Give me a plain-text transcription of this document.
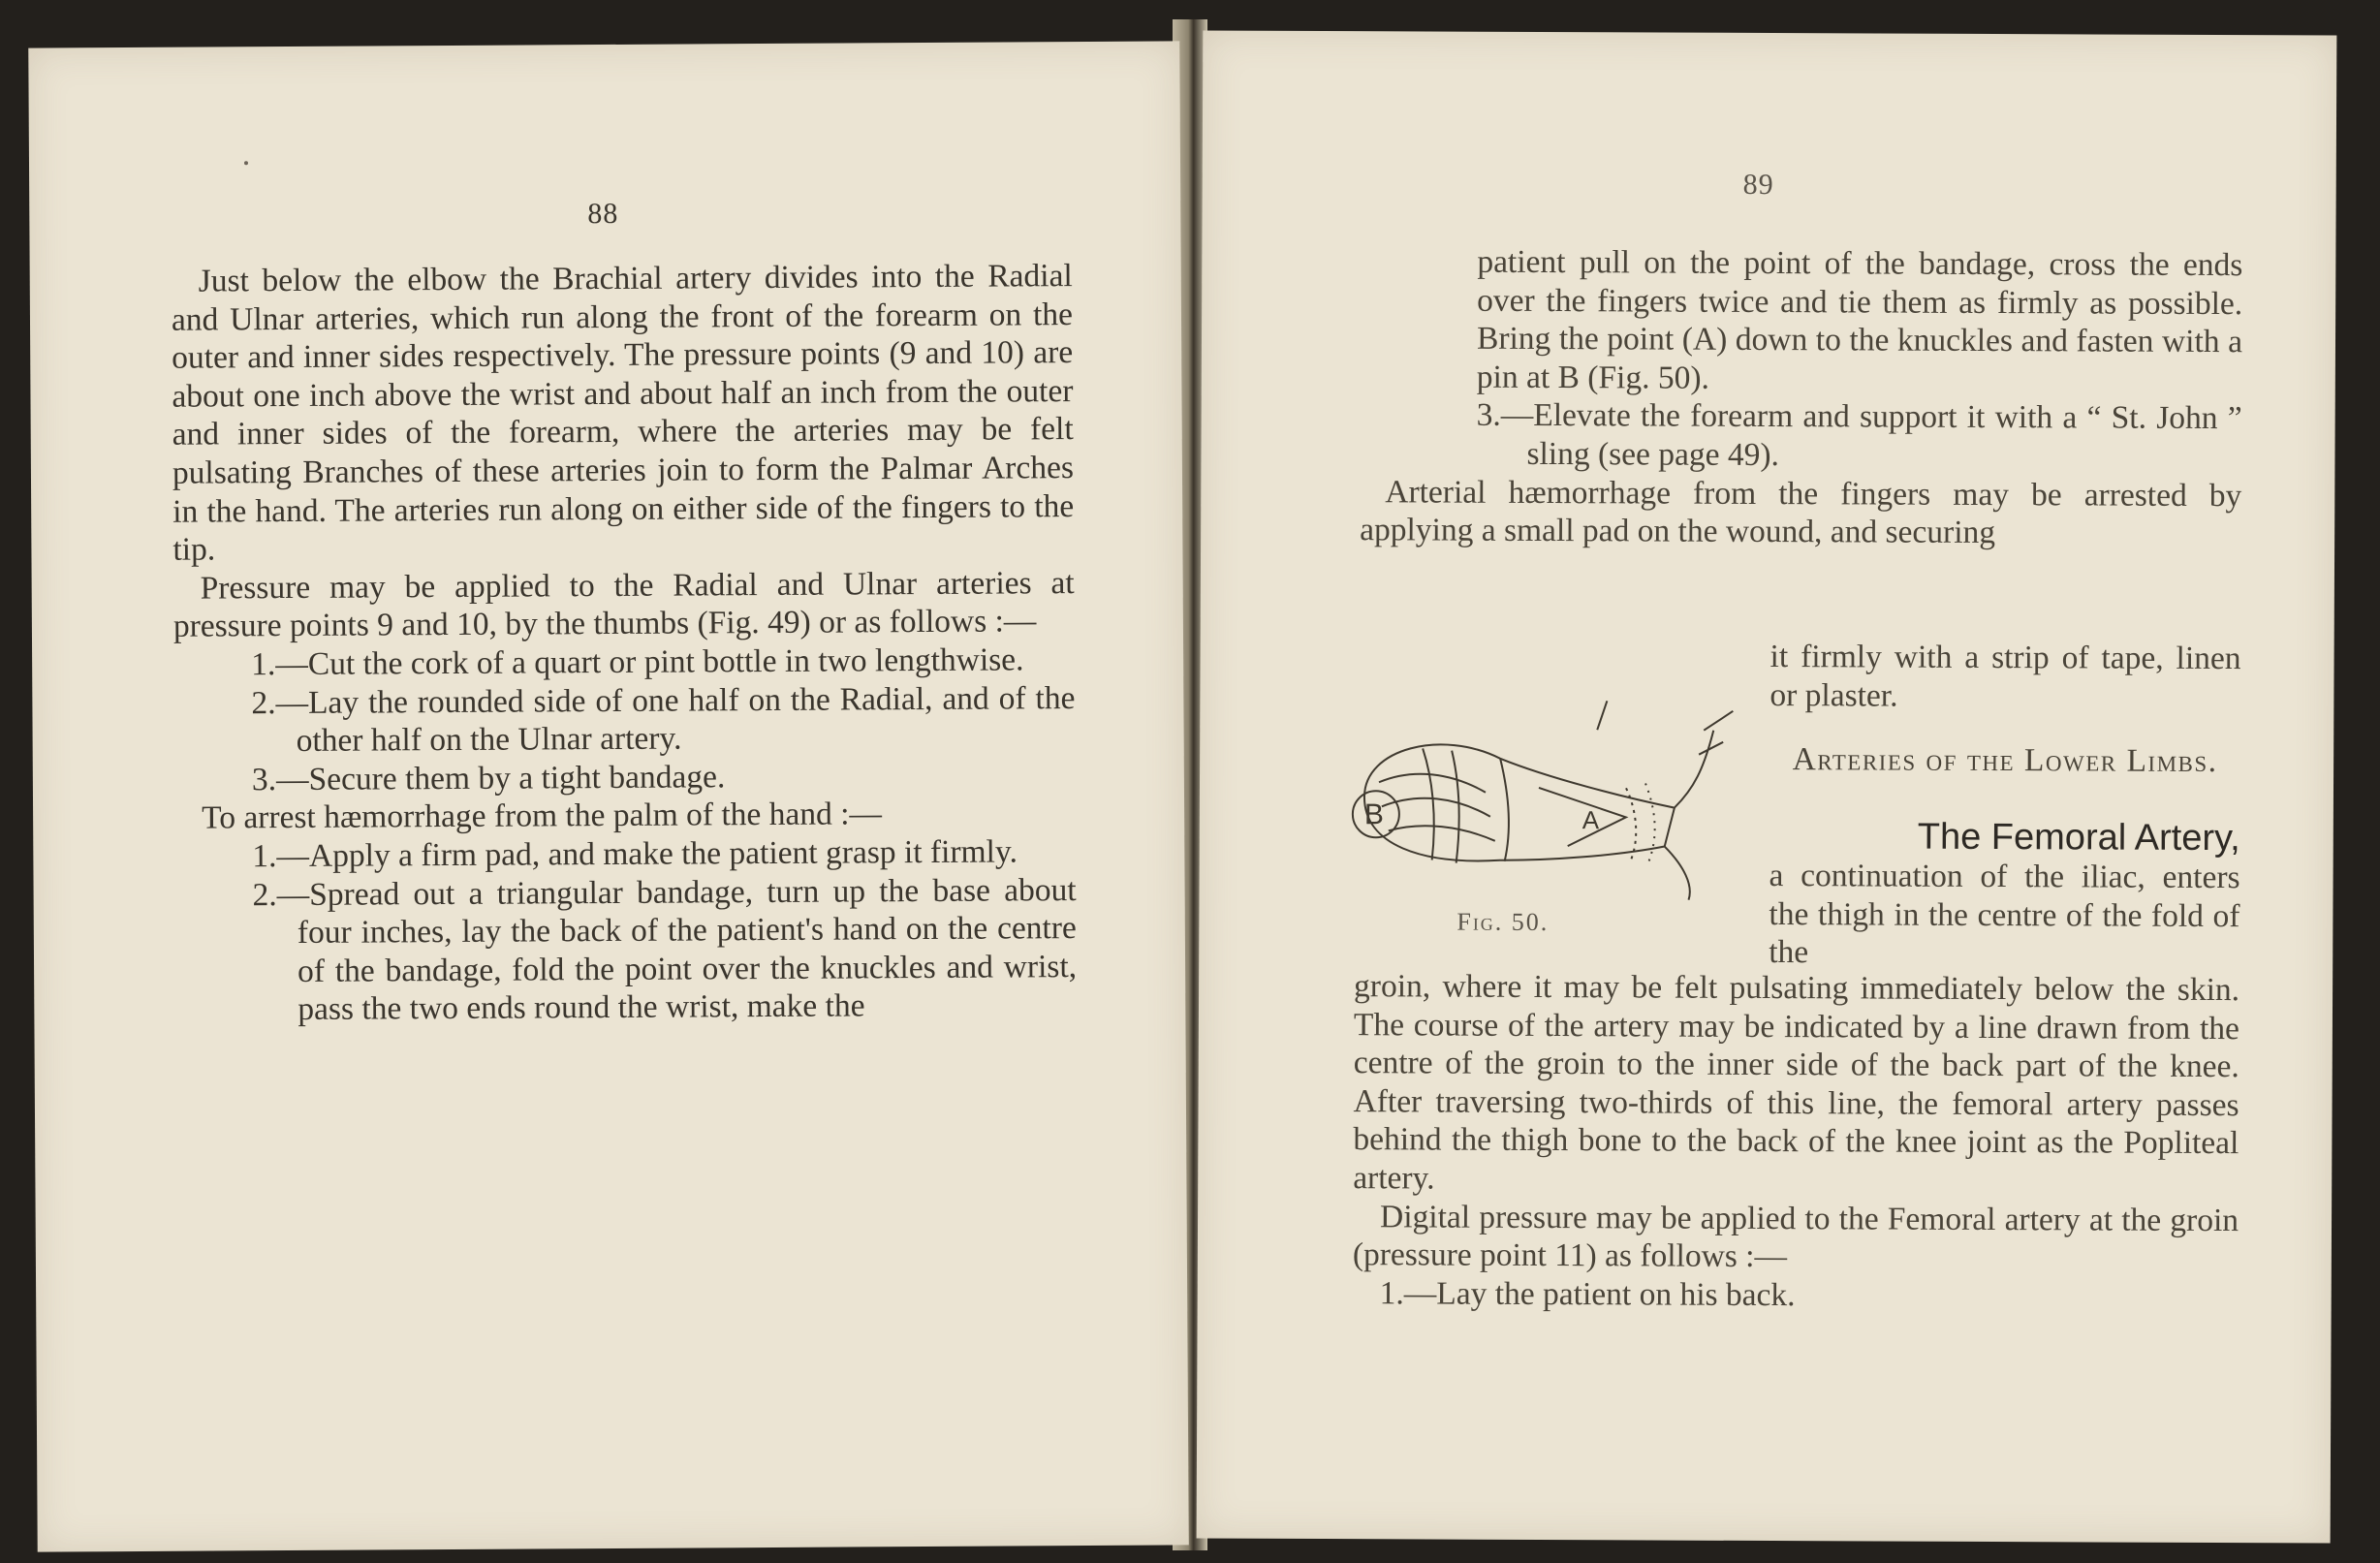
88

Just below the elbow the Brachial artery divides into the Radial and Ulnar arteries, which run along the front of the forearm on the outer and inner sides respectively. The pressure points (9 and 10) are about one inch above the wrist and about half an inch from the outer and inner sides of the forearm, where the arteries may be felt pulsating Branches of these arteries join to form the Palmar Arches in the hand. The arteries run along on either side of the fingers to the tip.

Pressure may be applied to the Radial and Ulnar arteries at pressure points 9 and 10, by the thumbs (Fig. 49) or as follows :—

1.—Cut the cork of a quart or pint bottle in two lengthwise.

2.—Lay the rounded side of one half on the Radial, and of the other half on the Ulnar artery.

3.—Secure them by a tight bandage.

To arrest hæmorrhage from the palm of the hand :—

1.—Apply a firm pad, and make the patient grasp it firmly.

2.—Spread out a triangular bandage, turn up the base about four inches, lay the back of the patient's hand on the centre of the bandage, fold the point over the knuckles and wrist, pass the two ends round the wrist, make the

89

patient pull on the point of the bandage, cross the ends over the fingers twice and tie them as firmly as possible. Bring the point (A) down to the knuckles and fasten with a pin at B (Fig. 50).

3.—Elevate the forearm and support it with a “ St. John ” sling (see page 49).

Arterial hæmorrhage from the fingers may be arrested by applying a small pad on the wound, and securing

it firmly with a strip of tape, linen or plaster.
Arteries of the Lower Limbs.
The Femoral Artery,
a continuation of the iliac, enters the thigh in the centre of the fold of the
B	A
Fig. 50.

groin, where it may be felt pulsating immediately below the skin. The course of the artery may be indicated by a line drawn from the centre of the groin to the inner side of the back part of the knee. After traversing two-thirds of this line, the femoral artery passes behind the thigh bone to the back of the knee joint as the Popliteal artery.

Digital pressure may be applied to the Femoral artery at the groin (pressure point 11) as follows :—

1.—Lay the patient on his back.
